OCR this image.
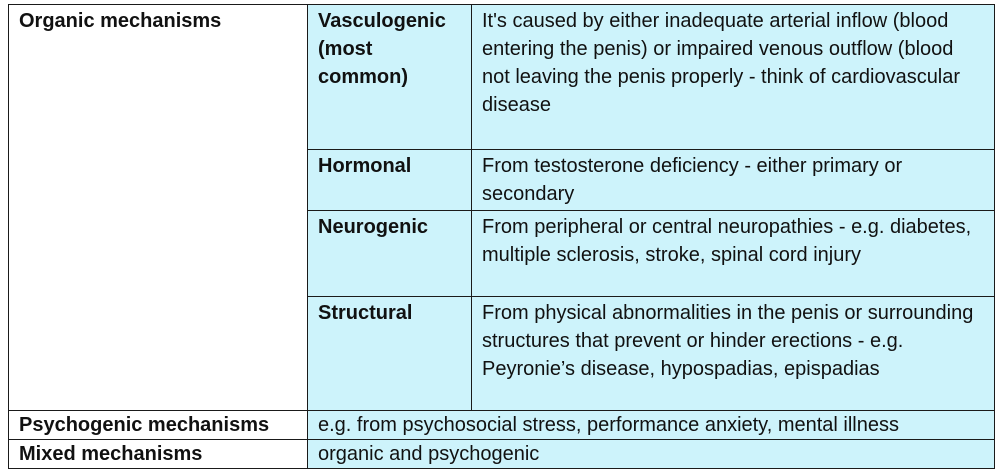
Organic mechanisms	Vasculogenic (most common)	It's caused by either inadequate arterial inflow (blood entering the penis) or impaired venous outflow (blood not leaving the penis properly - think of cardiovascular disease
	Hormonal	From testosterone deficiency - either primary or secondary
	Neurogenic	From peripheral or central neuropathies - e.g. diabetes, multiple sclerosis, stroke, spinal cord injury
	Structural	From physical abnormalities in the penis or surrounding structures that prevent or hinder erections - e.g. Peyronie’s disease, hypospadias, epispadias
Psychogenic mechanisms	e.g. from psychosocial stress, performance anxiety, mental illness	
Mixed mechanisms	organic and psychogenic	
